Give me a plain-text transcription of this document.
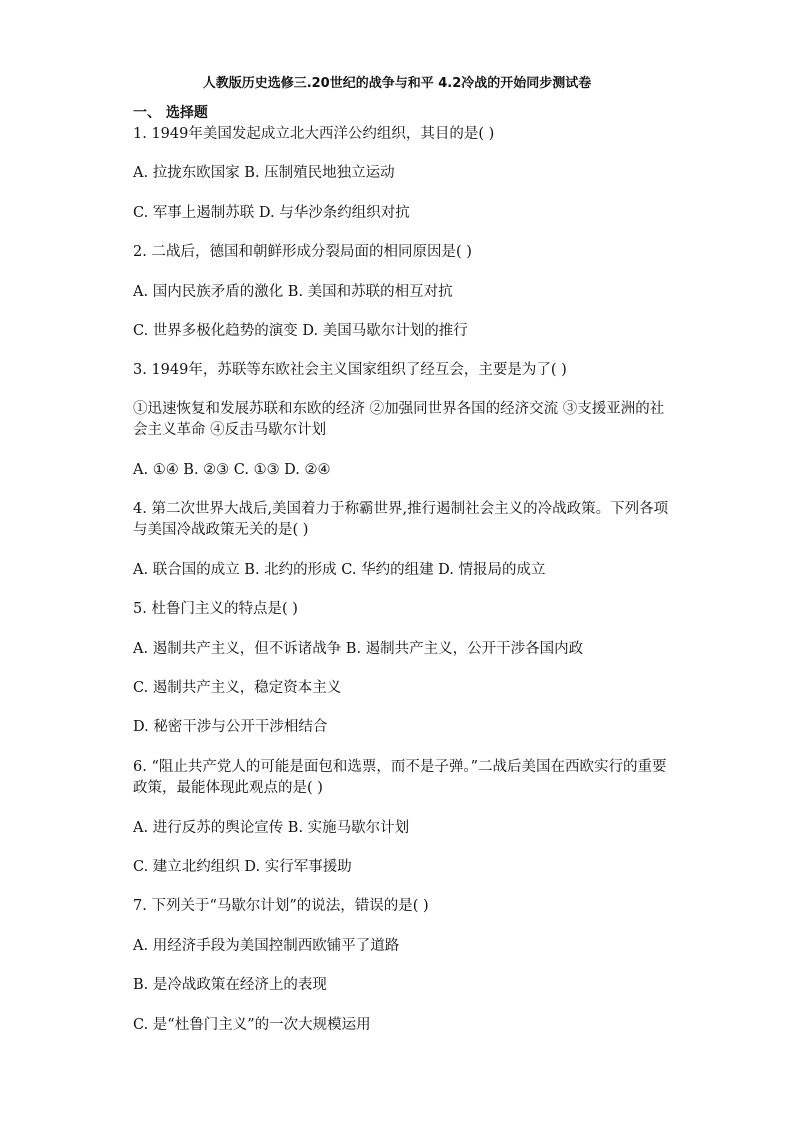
人教版历史选修三.20世纪的战争与和平 4.2冷战的开始同步测试卷
一、 选择题
1. 1949年美国发起成立北大西洋公约组织，其目的是( )
A. 拉拢东欧国家 B. 压制殖民地独立运动
C. 军事上遏制苏联 D. 与华沙条约组织对抗
2. 二战后，德国和朝鲜形成分裂局面的相同原因是( )
A. 国内民族矛盾的激化 B. 美国和苏联的相互对抗
C. 世界多极化趋势的演变 D. 美国马歇尔计划的推行
3. 1949年，苏联等东欧社会主义国家组织了经互会，主要是为了( )
①迅速恢复和发展苏联和东欧的经济 ②加强同世界各国的经济交流 ③支援亚洲的社会主义革命 ④反击马歇尔计划
A. ①④ B. ②③ C. ①③ D. ②④
4. 第二次世界大战后,美国着力于称霸世界,推行遏制社会主义的冷战政策。下列各项与美国冷战政策无关的是( )
A. 联合国的成立 B. 北约的形成 C. 华约的组建 D. 情报局的成立
5. 杜鲁门主义的特点是( )
A. 遏制共产主义，但不诉诸战争 B. 遏制共产主义，公开干涉各国内政
C. 遏制共产主义，稳定资本主义
D. 秘密干涉与公开干涉相结合
6. “阻止共产党人的可能是面包和选票，而不是子弹。”二战后美国在西欧实行的重要政策，最能体现此观点的是( )
A. 进行反苏的舆论宣传 B. 实施马歇尔计划
C. 建立北约组织 D. 实行军事援助
7. 下列关于“马歇尔计划”的说法，错误的是( )
A. 用经济手段为美国控制西欧铺平了道路
B. 是冷战政策在经济上的表现
C. 是“杜鲁门主义”的一次大规模运用
